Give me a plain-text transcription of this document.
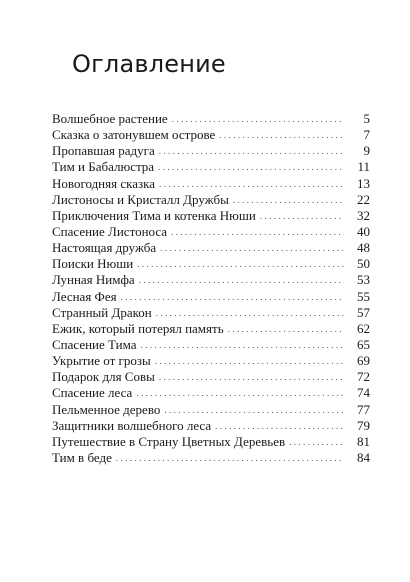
Оглавление
Волшебное растение .....	5
Сказка о затонувшем острове .....	7
Пропавшая радуга .....	9
Тим и Бабалюстра .....	11
Новогодняя сказка .....	13
Листоносы и Кристалл Дружбы .....	22
Приключения Тима и котенка Нюши .....	32
Спасение Листоноса .....	40
Настоящая дружба .....	48
Поиски Нюши .....	50
Лунная Нимфа .....	53
Лесная Фея .....	55
Странный Дракон .....	57
Ежик, который потерял память .....	62
Спасение Тима .....	65
Укрытие от грозы .....	69
Подарок для Совы .....	72
Спасение леса .....	74
Пельменное дерево .....	77
Защитники волшебного леса .....	79
Путешествие в Страну Цветных Деревьев .....	81
Тим в беде .....	84
